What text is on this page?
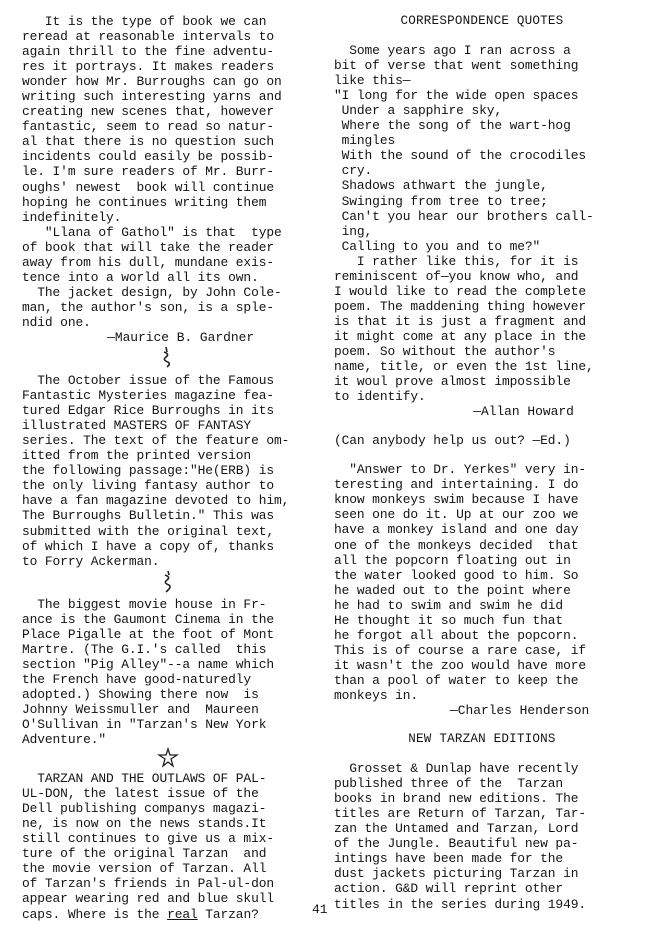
It is the type of book we can
reread at reasonable intervals to
again thrill to the fine adventu-
res it portrays. It makes readers
wonder how Mr. Burroughs can go on
writing such interesting yarns and
creating new scenes that, however
fantastic, seem to read so natur-
al that there is no question such
incidents could easily be possib-
le. I'm sure readers of Mr. Burr-
oughs' newest  book will continue
hoping he continues writing them
indefinitely.
"Llana of Gathol" is that  type
of book that will take the reader
away from his dull, mundane exis-
tence into a world all its own.
The jacket design, by John Cole-
man, the author's son, is a sple-
ndid one.

—Maurice B. Gardner

The October issue of the Famous
Fantastic Mysteries magazine fea-
tured Edgar Rice Burroughs in its
illustrated MASTERS OF FANTASY
series. The text of the feature om-
itted from the printed version
the following passage:"He(ERB) is
the only living fantasy author to
have a fan magazine devoted to him,
The Burroughs Bulletin." This was
submitted with the original text,
of which I have a copy of, thanks
to Forry Ackerman.

The biggest movie house in Fr-
ance is the Gaumont Cinema in the
Place Pigalle at the foot of Mont
Martre. (The G.I.'s called  this
section "Pig Alley"--a name which
the French have good-naturedly
adopted.) Showing there now  is
Johnny Weissmuller and  Maureen
O'Sullivan in "Tarzan's New York
Adventure."

TARZAN AND THE OUTLAWS OF PAL-
UL-DON, the latest issue of the
Dell publishing companys magazi-
ne, is now on the news stands.It
still continues to give us a mix-
ture of the original Tarzan  and
the movie version of Tarzan. All
of Tarzan's friends in Pal-ul-don
appear wearing red and blue skull
caps. Where is the real Tarzan?

CORRESPONDENCE QUOTES

Some years ago I ran across a
bit of verse that went something
like this—
"I long for the wide open spaces
Under a sapphire sky,
Where the song of the wart-hog
mingles
With the sound of the crocodiles
cry.
Shadows athwart the jungle,
Swinging from tree to tree;
Can't you hear our brothers call-
ing,
Calling to you and to me?"
I rather like this, for it is
reminiscent of—you know who, and
I would like to read the complete
poem. The maddening thing however
is that it is just a fragment and
it might come at any place in the
poem. So without the author's
name, title, or even the 1st line,
it woul prove almost impossible
to identify.

—Allan Howard

(Can anybody help us out? —Ed.)

"Answer to Dr. Yerkes" very in-
teresting and intertaining. I do
know monkeys swim because I have
seen one do it. Up at our zoo we
have a monkey island and one day
one of the monkeys decided  that
all the popcorn floating out in
the water looked good to him. So
he waded out to the point where
he had to swim and swim he did
He thought it so much fun that
he forgot all about the popcorn.
This is of course a rare case, if
it wasn't the zoo would have more
than a pool of water to keep the
monkeys in.

—Charles Henderson

NEW TARZAN EDITIONS

Grosset & Dunlap have recently
published three of the  Tarzan
books in brand new editions. The
titles are Return of Tarzan, Tar-
zan the Untamed and Tarzan, Lord
of the Jungle. Beautiful new pa-
intings have been made for the
dust jackets picturing Tarzan in
action. G&D will reprint other
titles in the series during 1949.

41
